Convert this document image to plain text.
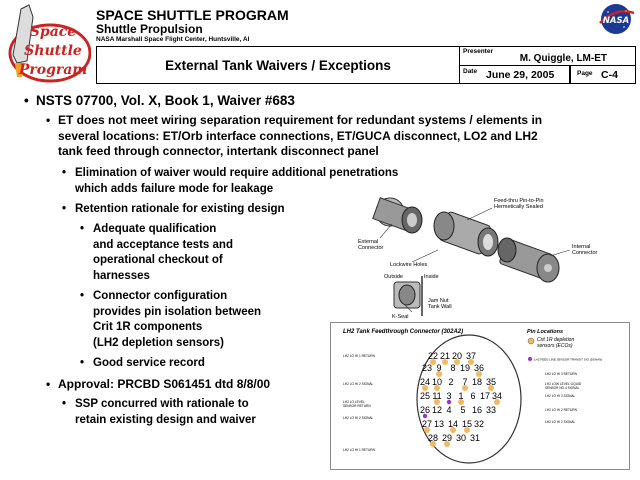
Space
Shuttle
Program
SPACE SHUTTLE PROGRAM
Shuttle Propulsion
NASA Marshall Space Flight Center, Huntsville, Al
NASA
External Tank Waivers / Exceptions
Presenter
M. Quiggle, LM-ET
Date June 29, 2005	Page C-4
• NSTS 07700, Vol. X, Book 1, Waiver #683
• ET does not meet wiring separation requirement for redundant systems / elements in
several locations: ET/Orb interface connections, ET/GUCA disconnect, LO2 and LH2
tank feed through connector, intertank disconnect panel
• Elimination of waiver would require additional penetrations
which adds failure mode for leakage
• Retention rationale for existing design
• Adequate qualification
and acceptance tests and
operational checkout of
harnesses
• Connector configuration
provides pin isolation between
Crit 1R components
(LH2 depletion sensors)
• Good service record
• Approval: PRCBD S061451 dtd 8/8/00
• SSP concurred with rationale to
retain existing design and waiver
External Connector
Feed-thru Pin-to-Pin Hermetically Sealed
Internal Connector
Lockwire Holes
Outside	Inside
Jam Nut Tank Wall
K-Seal
LH2 Tank Feedthrough Connector (302A2)	Pin Locations
Crit 1R depletion sensors (ECOs)
LH2 FEED LINE SENSOR TRANSIT SIG (DSNAN)
22 21 20 37
23 9 8 19 36
24 10 2 7 18 35
25 11 3 1 6 17 34
26 12 4 5 16 33
27 13 14 15 32
28 29 30 31
LH2 LO HI 1 RETURN
LH2 LO HI 2 SIGNAL
LH2 LO LEVEL SENSOR RETURN
LH2 LO HI 2 SIGNAL
LH2 LO HI 1 RETURN
LH2 LO HI 3 RETURN
LH2 LOW LEVEL LIQUID SENSOR NO.4 SIGNAL
LH2 LO HI 3 SIGNAL
LH2 LO HI 2 RETURN
LH2 LO HI 2 SIGNAL
